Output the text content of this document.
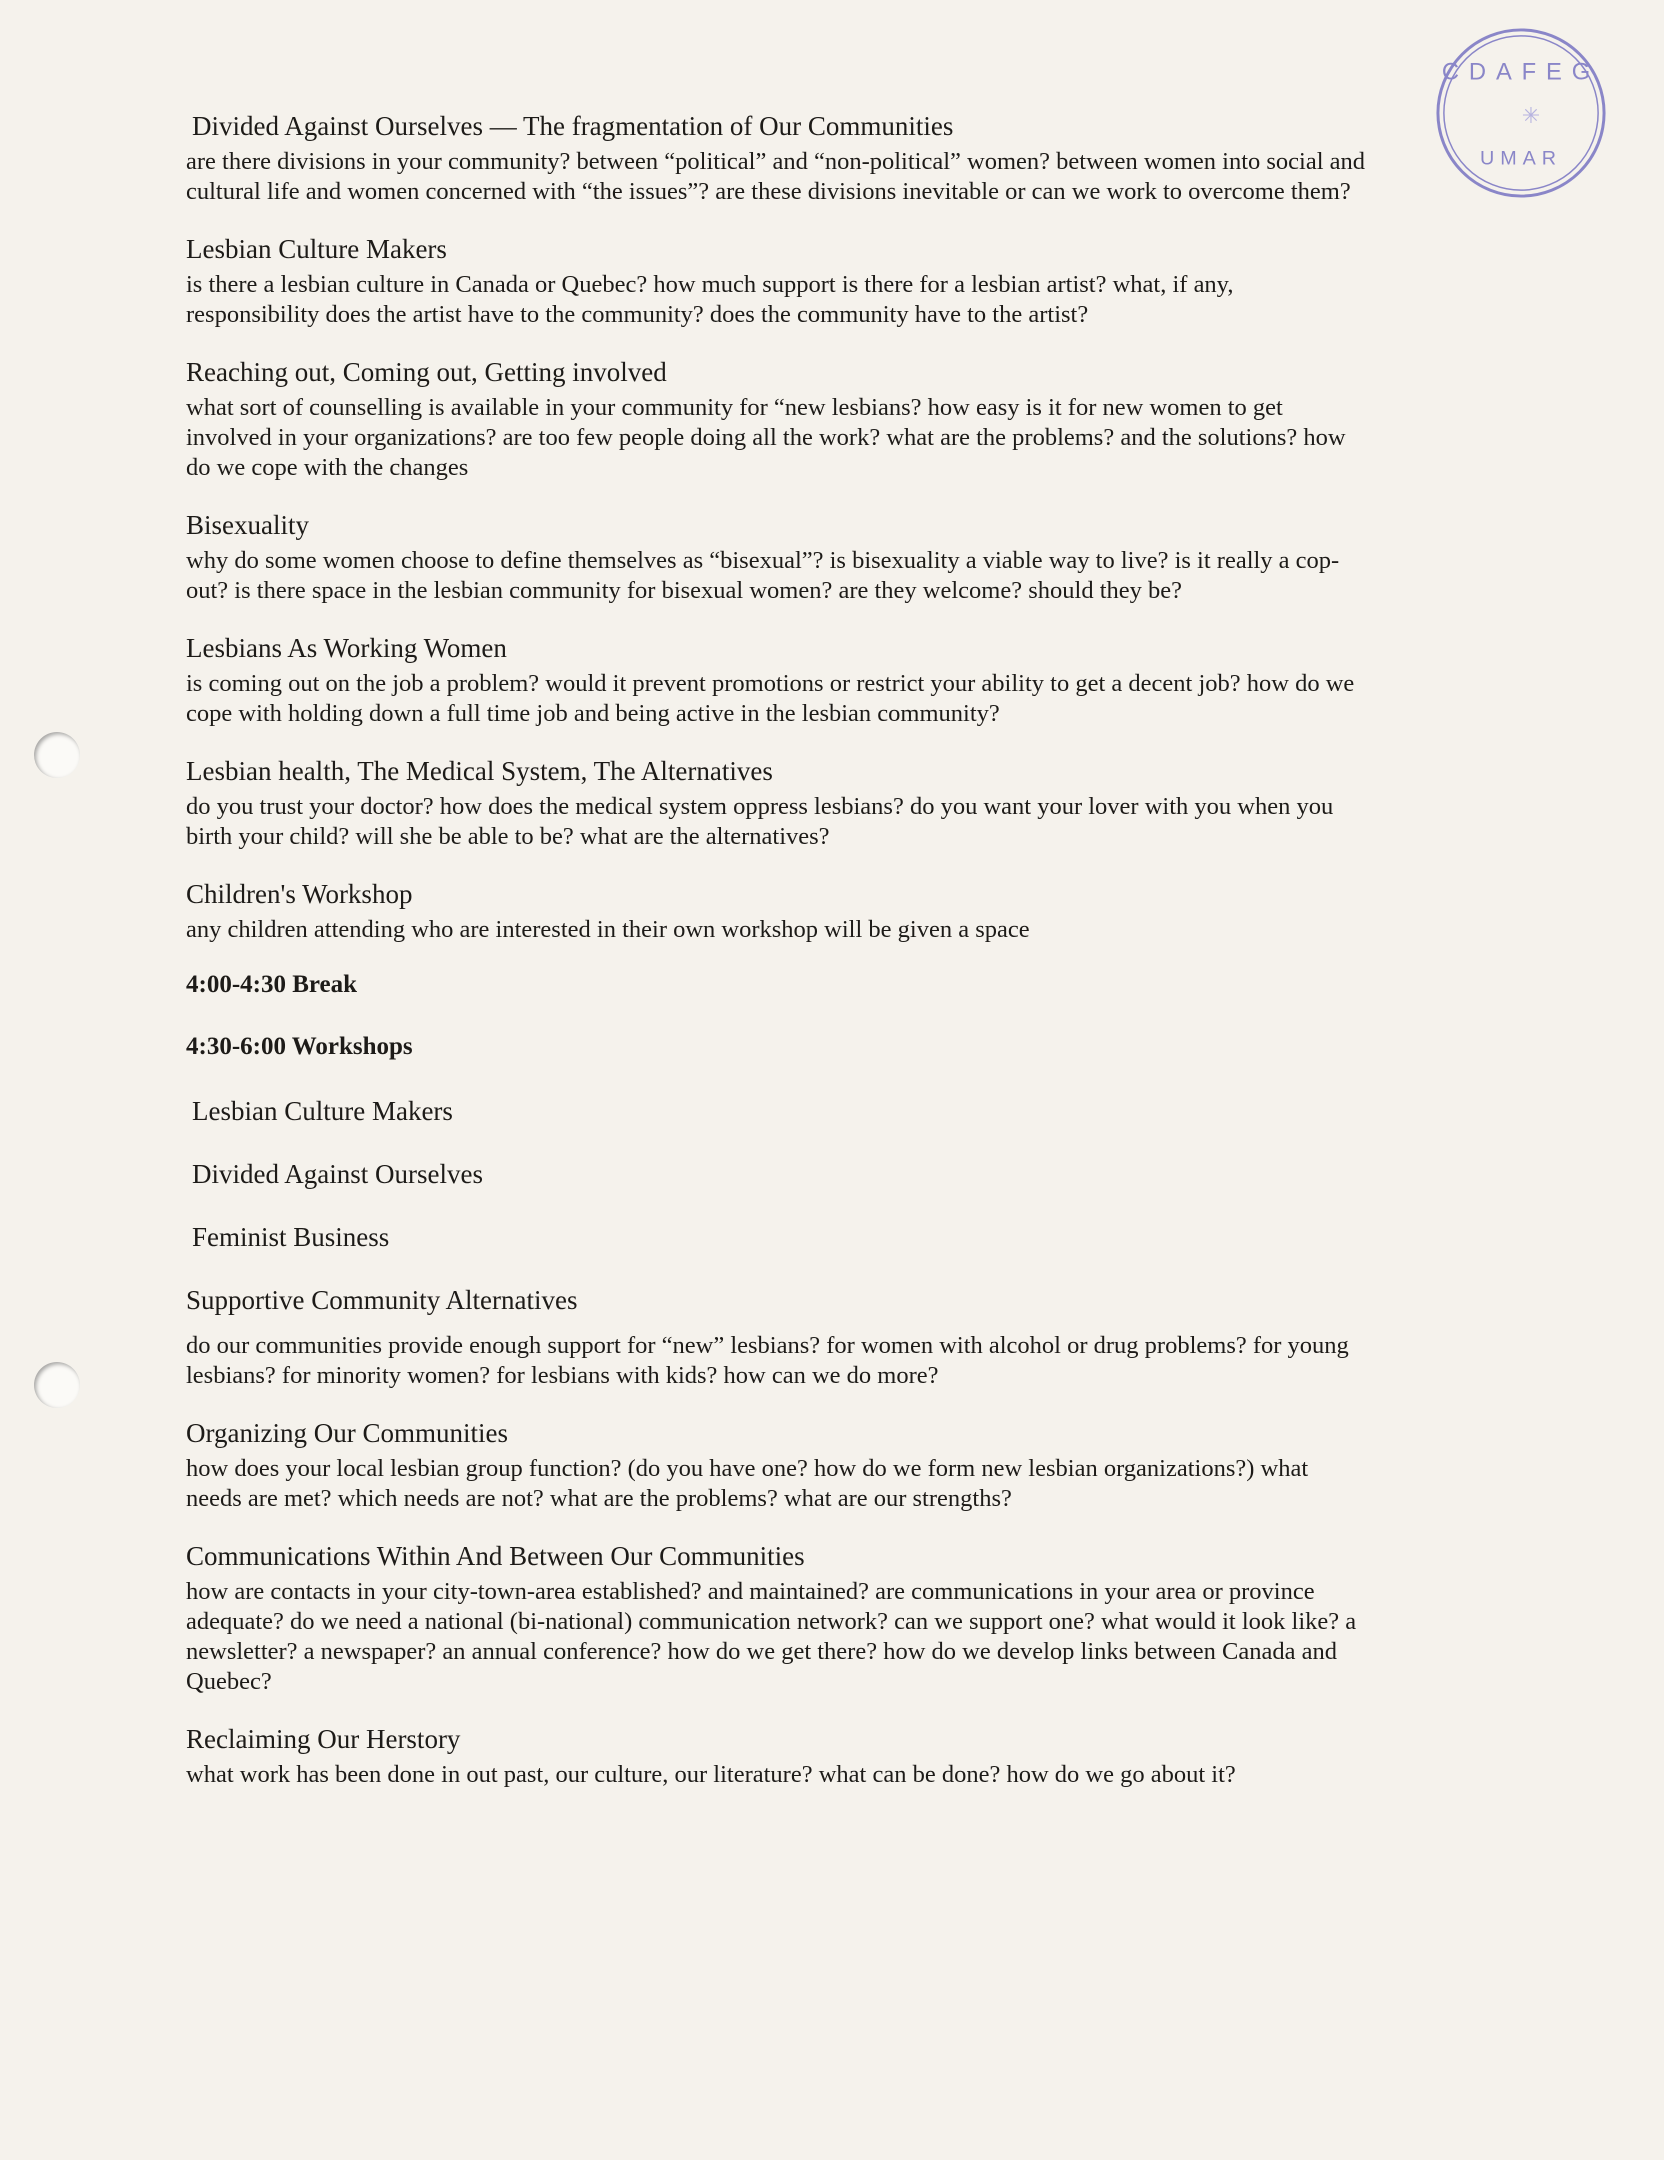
CDAFEG
UMAR
✳

Divided Against Ourselves — The fragmentation of Our Communities

are there divisions in your community? between “political” and “non-political” women? between women into social and cultural life and women concerned with “the issues”? are these divisions inevitable or can we work to overcome them?

Lesbian Culture Makers

is there a lesbian culture in Canada or Quebec? how much support is there for a lesbian artist? what, if any, responsibility does the artist have to the community? does the community have to the artist?

Reaching out, Coming out, Getting involved

what sort of counselling is available in your community for “new lesbians? how easy is it for new women to get involved in your organizations? are too few people doing all the work? what are the problems? and the solutions? how do we cope with the changes

Bisexuality

why do some women choose to define themselves as “bisexual”? is bisexuality a viable way to live? is it really a cop-out? is there space in the lesbian community for bisexual women? are they welcome? should they be?

Lesbians As Working Women

is coming out on the job a problem? would it prevent promotions or restrict your ability to get a decent job? how do we cope with holding down a full time job and being active in the lesbian community?

Lesbian health, The Medical System, The Alternatives

do you trust your doctor? how does the medical system oppress lesbians? do you want your lover with you when you birth your child? will she be able to be? what are the alternatives?

Children's Workshop

any children attending who are interested in their own workshop will be given a space

4:00-4:30 Break

4:30-6:00 Workshops

Lesbian Culture Makers

Divided Against Ourselves

Feminist Business

Supportive Community Alternatives

do our communities provide enough support for “new” lesbians? for women with alcohol or drug problems? for young lesbians? for minority women? for lesbians with kids? how can we do more?

Organizing Our Communities

how does your local lesbian group function? (do you have one? how do we form new lesbian organizations?) what needs are met? which needs are not? what are the problems? what are our strengths?

Communications Within And Between Our Communities

how are contacts in your city-town-area established? and maintained? are communications in your area or province adequate? do we need a national (bi-national) communication network? can we support one? what would it look like? a newsletter? a newspaper? an annual conference? how do we get there? how do we develop links between Canada and Quebec?

Reclaiming Our Herstory

what work has been done in out past, our culture, our literature? what can be done? how do we go about it?
